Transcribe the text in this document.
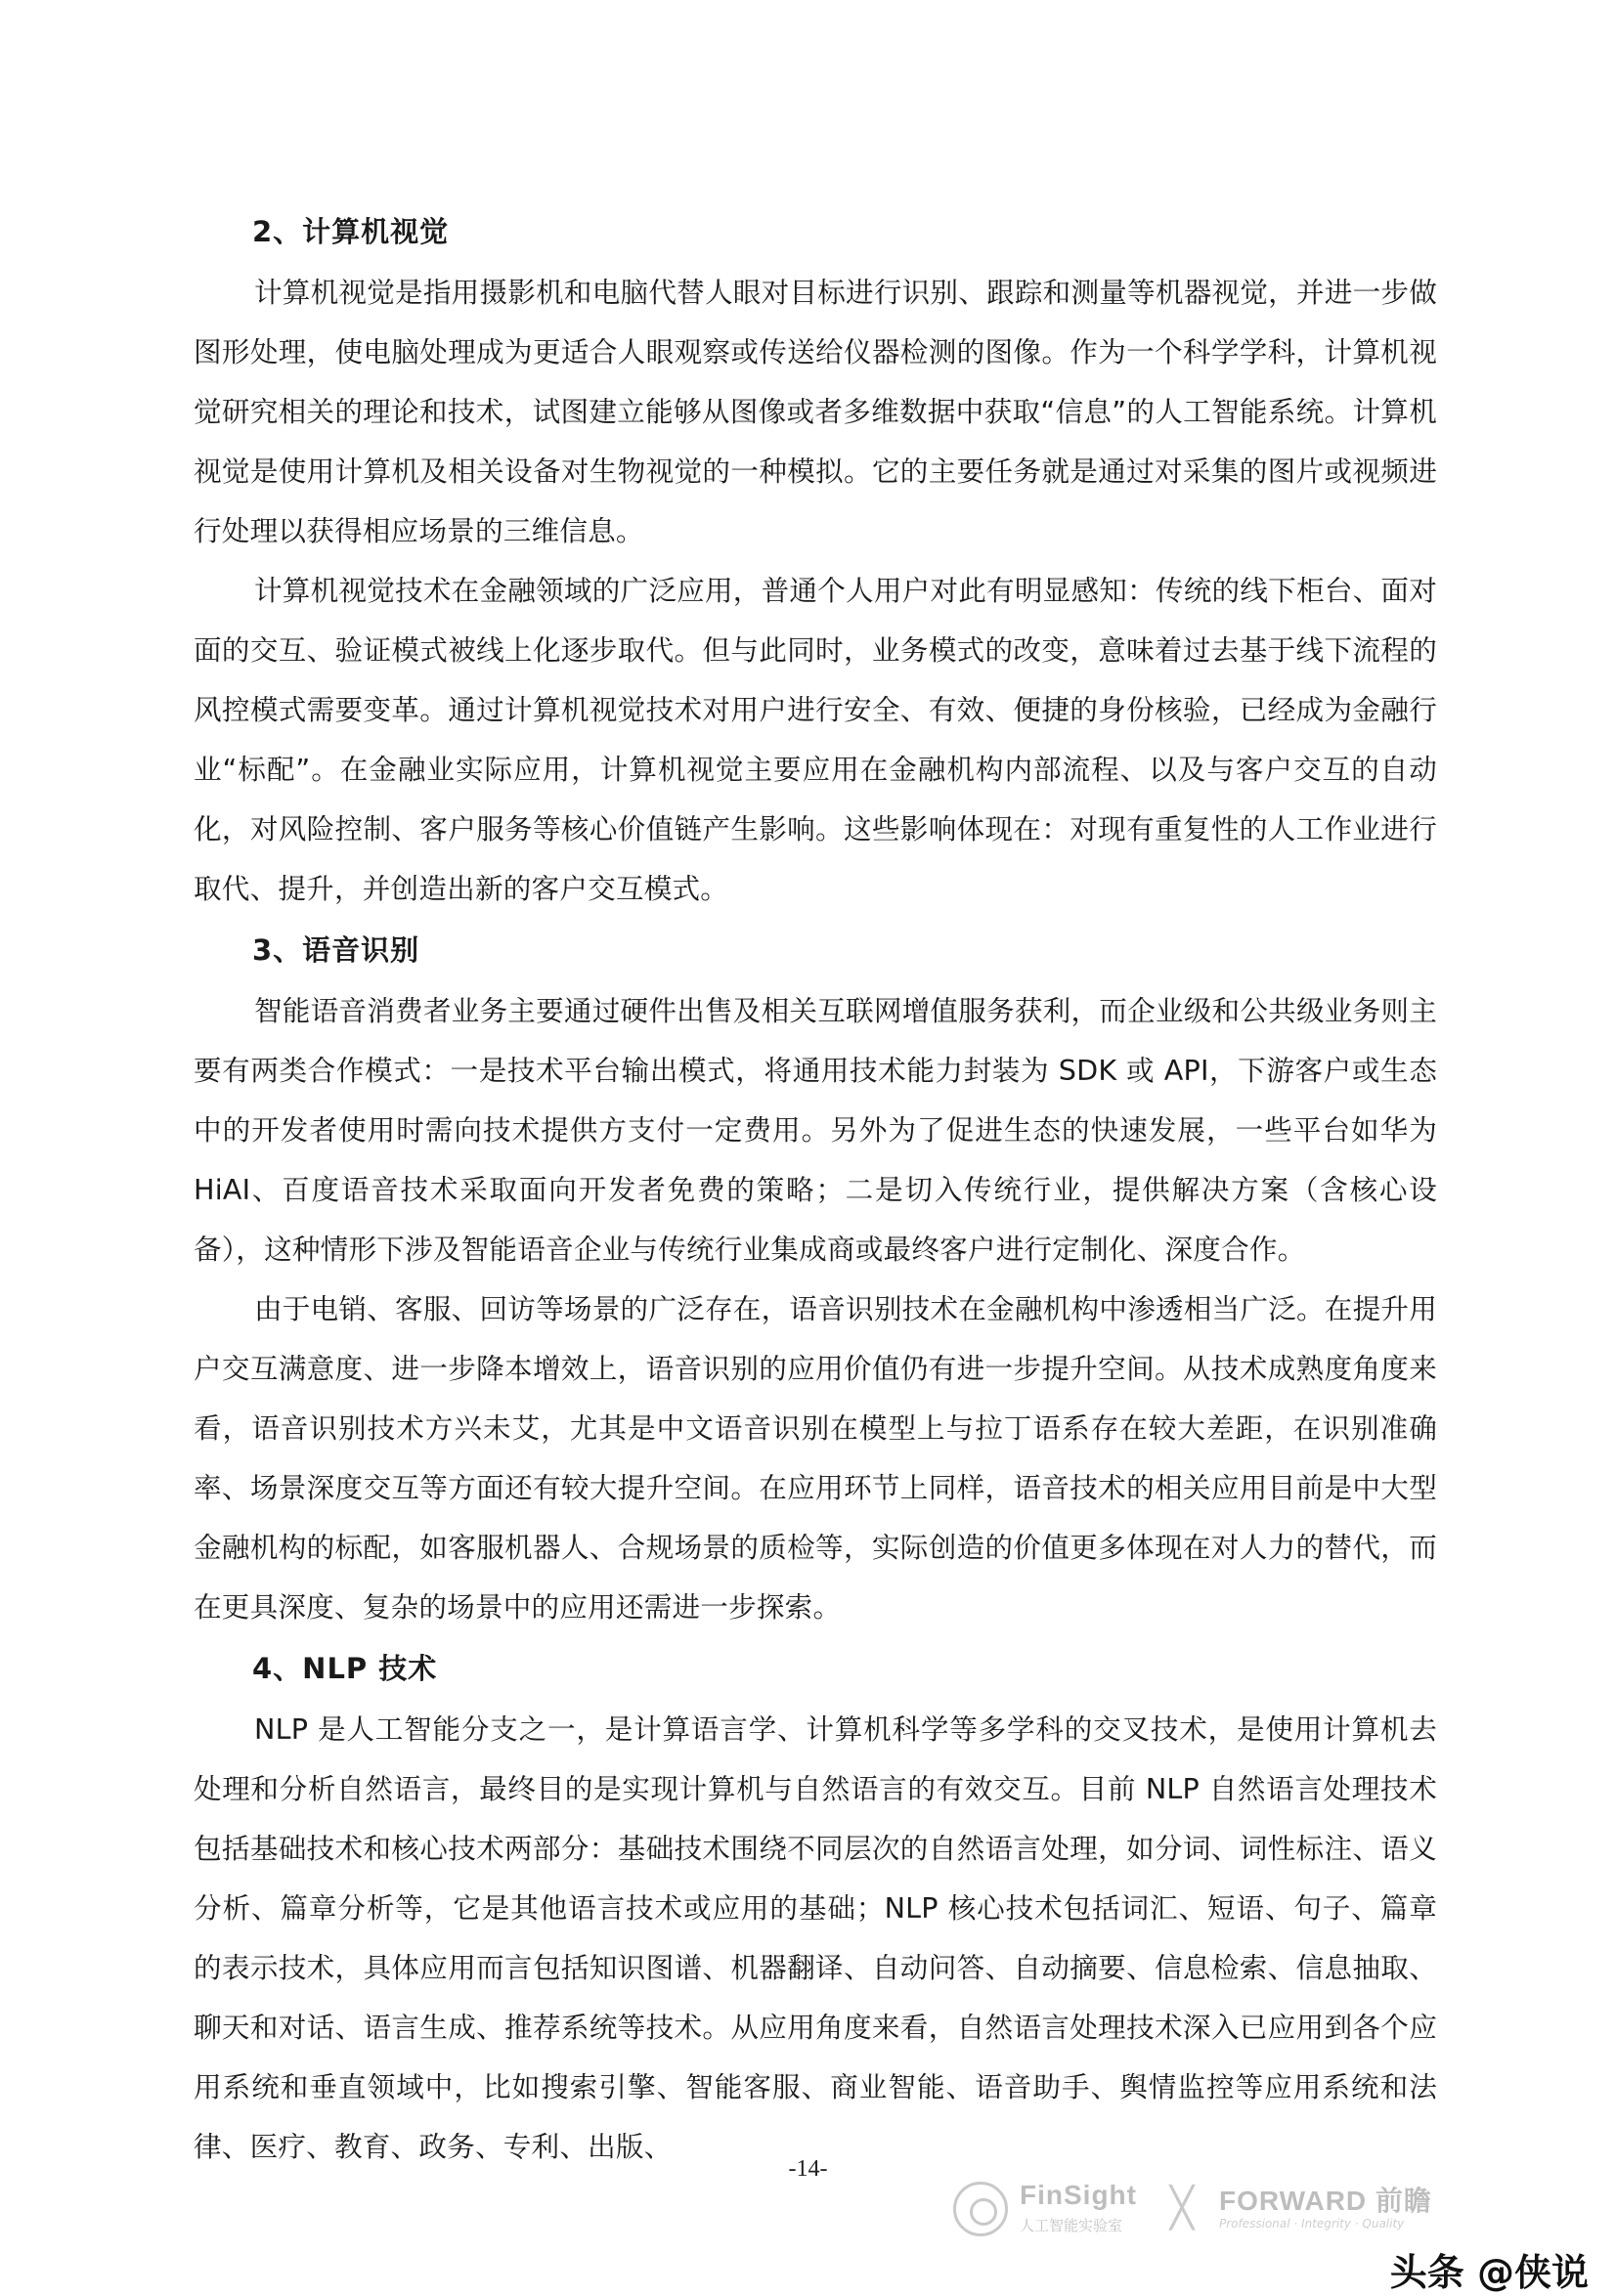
2、计算机视觉

计算机视觉是指用摄影机和电脑代替人眼对目标进行识别、跟踪和测量等机器视觉，并进一步做图形处理，使电脑处理成为更适合人眼观察或传送给仪器检测的图像。作为一个科学学科，计算机视觉研究相关的理论和技术，试图建立能够从图像或者多维数据中获取“信息”的人工智能系统。计算机视觉是使用计算机及相关设备对生物视觉的一种模拟。它的主要任务就是通过对采集的图片或视频进行处理以获得相应场景的三维信息。

计算机视觉技术在金融领域的广泛应用，普通个人用户对此有明显感知：传统的线下柜台、面对面的交互、验证模式被线上化逐步取代。但与此同时，业务模式的改变，意味着过去基于线下流程的风控模式需要变革。通过计算机视觉技术对用户进行安全、有效、便捷的身份核验，已经成为金融行业“标配”。在金融业实际应用，计算机视觉主要应用在金融机构内部流程、以及与客户交互的自动化，对风险控制、客户服务等核心价值链产生影响。这些影响体现在：对现有重复性的人工作业进行取代、提升，并创造出新的客户交互模式。

3、语音识别

智能语音消费者业务主要通过硬件出售及相关互联网增值服务获利，而企业级和公共级业务则主要有两类合作模式：一是技术平台输出模式，将通用技术能力封装为 SDK 或 API，下游客户或生态中的开发者使用时需向技术提供方支付一定费用。另外为了促进生态的快速发展，一些平台如华为 HiAI、百度语音技术采取面向开发者免费的策略；二是切入传统行业，提供解决方案（含核心设备），这种情形下涉及智能语音企业与传统行业集成商或最终客户进行定制化、深度合作。

由于电销、客服、回访等场景的广泛存在，语音识别技术在金融机构中渗透相当广泛。在提升用户交互满意度、进一步降本增效上，语音识别的应用价值仍有进一步提升空间。从技术成熟度角度来看，语音识别技术方兴未艾，尤其是中文语音识别在模型上与拉丁语系存在较大差距，在识别准确率、场景深度交互等方面还有较大提升空间。在应用环节上同样，语音技术的相关应用目前是中大型金融机构的标配，如客服机器人、合规场景的质检等，实际创造的价值更多体现在对人力的替代，而在更具深度、复杂的场景中的应用还需进一步探索。

4、NLP 技术

NLP 是人工智能分支之一，是计算语言学、计算机科学等多学科的交叉技术，是使用计算机去处理和分析自然语言，最终目的是实现计算机与自然语言的有效交互。目前 NLP 自然语言处理技术包括基础技术和核心技术两部分：基础技术围绕不同层次的自然语言处理，如分词、词性标注、语义分析、篇章分析等，它是其他语言技术或应用的基础；NLP 核心技术包括词汇、短语、句子、篇章的表示技术，具体应用而言包括知识图谱、机器翻译、自动问答、自动摘要、信息检索、信息抽取、聊天和对话、语言生成、推荐系统等技术。从应用角度来看，自然语言处理技术深入已应用到各个应用系统和垂直领域中，比如搜索引擎、智能客服、商业智能、语音助手、舆情监控等应用系统和法律、医疗、教育、政务、专利、出版、

-14-
FinSight
人工智能实验室 ╳ FORWARD 前瞻
Professional · Integrity · Quality
头条 @侠说
